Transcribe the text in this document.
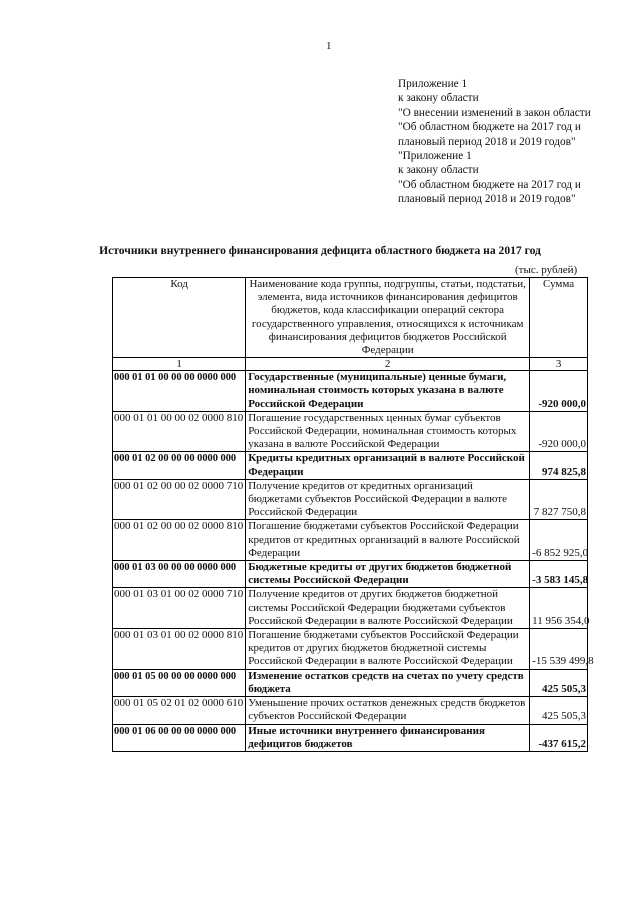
1
Приложение 1
к закону области
"О внесении изменений в закон области
"Об областном бюджете на 2017 год и
плановый период 2018 и 2019 годов"
"Приложение 1
к закону области
"Об областном бюджете на 2017 год и
плановый период 2018 и 2019 годов"
Источники внутреннего финансирования дефицита областного бюджета на 2017 год
(тыс. рублей)
Код	Наименование кода группы, подгруппы, статьи, подстатьи, элемента, вида источников финансирования дефицитов бюджетов, кода классификации операций сектора государственного управления, относящихся к источникам финансирования дефицитов бюджетов Российской Федерации	Сумма
1	2	3
000 01 01 00 00 00 0000 000	Государственные (муниципальные) ценные бумаги, номинальная стоимость которых указана в валюте Российской Федерации	-920 000,0
000 01 01 00 00 02 0000 810	Погашение государственных ценных бумаг субъектов Российской Федерации, номинальная стоимость которых указана в валюте Российской Федерации	-920 000,0
000 01 02 00 00 00 0000 000	Кредиты кредитных организаций в валюте Российской Федерации	974 825,8
000 01 02 00 00 02 0000 710	Получение кредитов от кредитных организаций бюджетами субъектов Российской Федерации в валюте Российской Федерации	7 827 750,8
000 01 02 00 00 02 0000 810	Погашение бюджетами субъектов Российской Федерации кредитов от кредитных организаций в валюте Российской Федерации	-6 852 925,0
000 01 03 00 00 00 0000 000	Бюджетные кредиты от других бюджетов бюджетной системы Российской Федерации	-3 583 145,8
000 01 03 01 00 02 0000 710	Получение кредитов от других бюджетов бюджетной системы Российской Федерации бюджетами субъектов Российской Федерации в валюте Российской Федерации	11 956 354,0
000 01 03 01 00 02 0000 810	Погашение бюджетами субъектов Российской Федерации кредитов от других бюджетов бюджетной системы Российской Федерации в валюте Российской Федерации	-15 539 499,8
000 01 05 00 00 00 0000 000	Изменение остатков средств на счетах по учету средств бюджета	425 505,3
000 01 05 02 01 02 0000 610	Уменьшение прочих остатков денежных средств бюджетов субъектов Российской Федерации	425 505,3
000 01 06 00 00 00 0000 000	Иные источники внутреннего финансирования дефицитов бюджетов	-437 615,2
